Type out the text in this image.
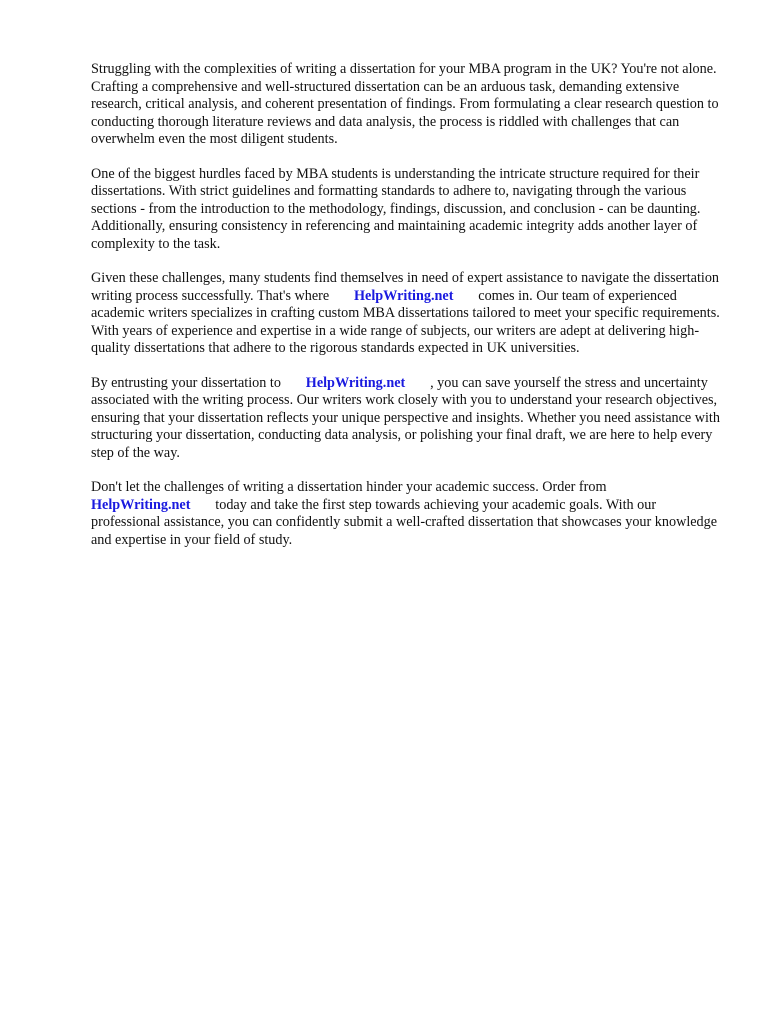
Struggling with the complexities of writing a dissertation for your MBA program in the UK? You're not alone. Crafting a comprehensive and well-structured dissertation can be an arduous task, demanding extensive research, critical analysis, and coherent presentation of findings. From formulating a clear research question to conducting thorough literature reviews and data analysis, the process is riddled with challenges that can overwhelm even the most diligent students.

One of the biggest hurdles faced by MBA students is understanding the intricate structure required for their dissertations. With strict guidelines and formatting standards to adhere to, navigating through the various sections - from the introduction to the methodology, findings, discussion, and conclusion - can be daunting. Additionally, ensuring consistency in referencing and maintaining academic integrity adds another layer of complexity to the task.

Given these challenges, many students find themselves in need of expert assistance to navigate the dissertation writing process successfully. That's where   HelpWriting.net   comes in. Our team of experienced academic writers specializes in crafting custom MBA dissertations tailored to meet your specific requirements. With years of experience and expertise in a wide range of subjects, our writers are adept at delivering high-quality dissertations that adhere to the rigorous standards expected in UK universities.

By entrusting your dissertation to   HelpWriting.net   , you can save yourself the stress and uncertainty associated with the writing process. Our writers work closely with you to understand your research objectives, ensuring that your dissertation reflects your unique perspective and insights. Whether you need assistance with structuring your dissertation, conducting data analysis, or polishing your final draft, we are here to help every step of the way.

Don't let the challenges of writing a dissertation hinder your academic success. Order from HelpWriting.net   today and take the first step towards achieving your academic goals. With our professional assistance, you can confidently submit a well-crafted dissertation that showcases your knowledge and expertise in your field of study.
